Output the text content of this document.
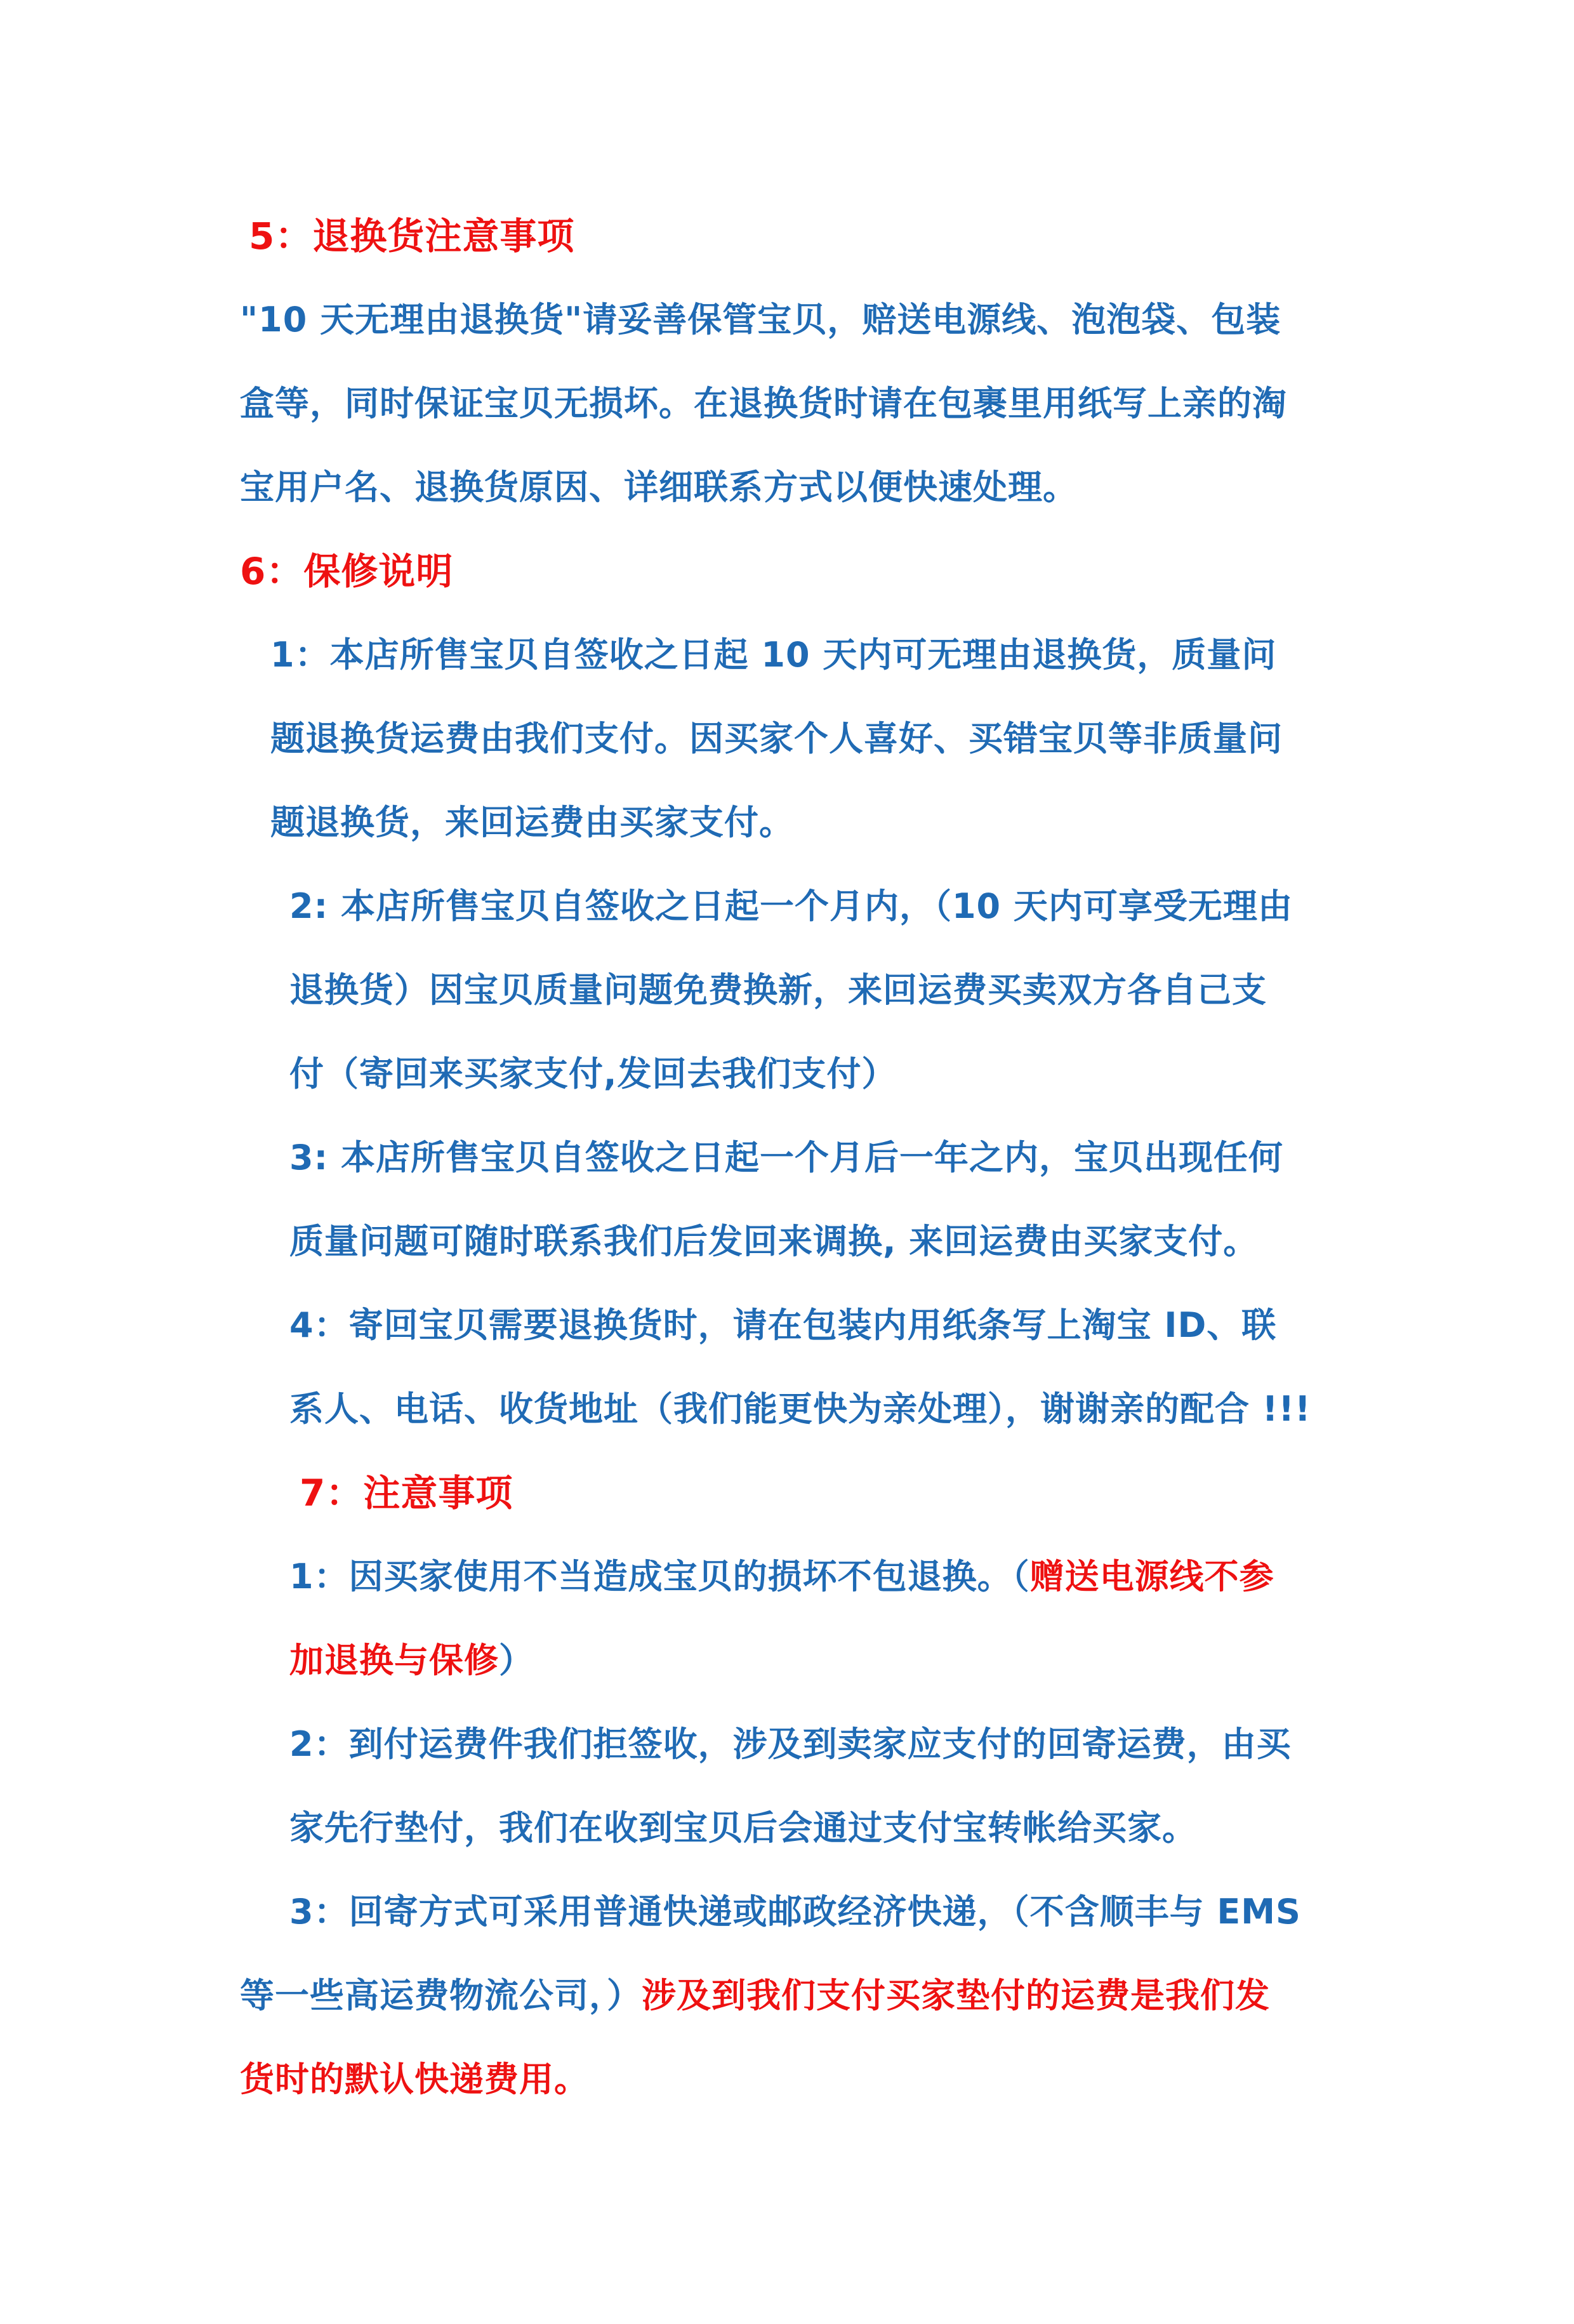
5：退换货注意事项
"10 天无理由退换货"请妥善保管宝贝，赔送电源线、泡泡袋、包装
盒等，同时保证宝贝无损坏。在退换货时请在包裹里用纸写上亲的淘
宝用户名、退换货原因、详细联系方式以便快速处理。
6：保修说明
1：本店所售宝贝自签收之日起 10 天内可无理由退换货，质量问
题退换货运费由我们支付。因买家个人喜好、买错宝贝等非质量问
题退换货，来回运费由买家支付。
2: 本店所售宝贝自签收之日起一个月内，（10 天内可享受无理由
退换货）因宝贝质量问题免费换新，来回运费买卖双方各自己支
付（寄回来买家支付,发回去我们支付）
3: 本店所售宝贝自签收之日起一个月后一年之内，宝贝出现任何
质量问题可随时联系我们后发回来调换, 来回运费由买家支付。
4：寄回宝贝需要退换货时，请在包装内用纸条写上淘宝 ID、联
系人、电话、收货地址（我们能更快为亲处理），谢谢亲的配合 !!!
7：注意事项
1：因买家使用不当造成宝贝的损坏不包退换。（赠送电源线不参
加退换与保修）
2：到付运费件我们拒签收，涉及到卖家应支付的回寄运费，由买
家先行垫付，我们在收到宝贝后会通过支付宝转帐给买家。
3：回寄方式可采用普通快递或邮政经济快递，（不含顺丰与 EMS
等一些高运费物流公司，）涉及到我们支付买家垫付的运费是我们发
货时的默认快递费用。
